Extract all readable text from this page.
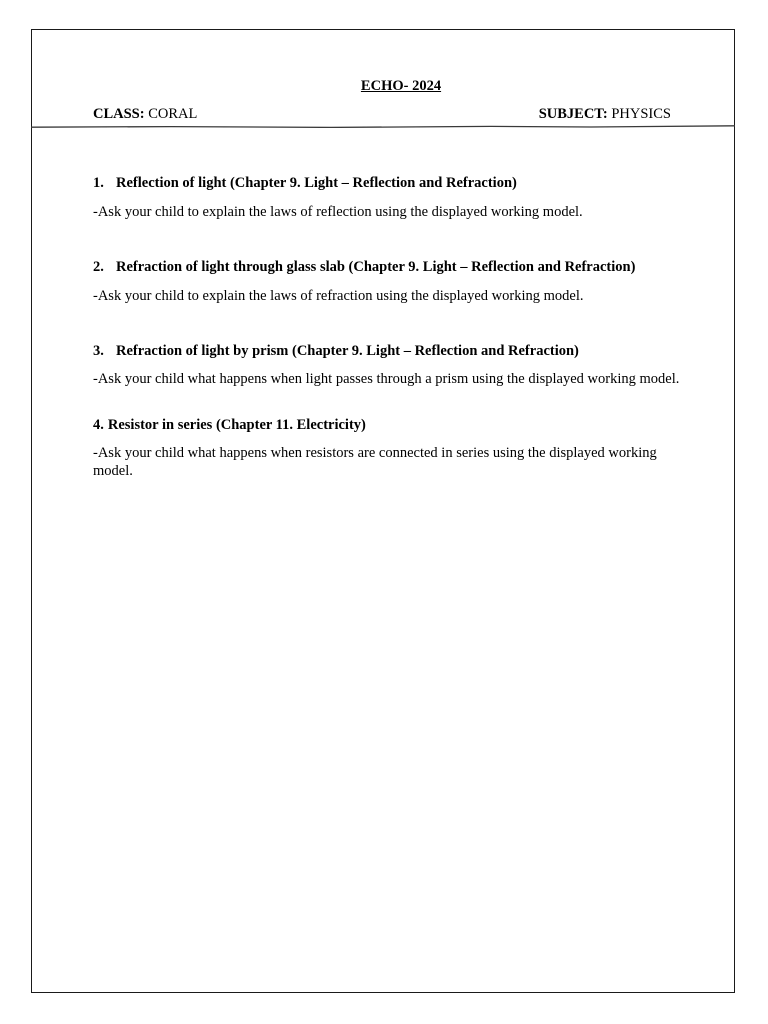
ECHO- 2024

CLASS: CORAL	SUBJECT: PHYSICS

1. Reflection of light (Chapter 9. Light – Reflection and Refraction)

-Ask your child to explain the laws of reflection using the displayed working model.

2. Refraction of light through glass slab (Chapter 9. Light – Reflection and Refraction)

-Ask your child to explain the laws of refraction using the displayed working model.

3. Refraction of light by prism (Chapter 9. Light – Reflection and Refraction)

-Ask your child what happens when light passes through a prism using the displayed working model.

4. Resistor in series (Chapter 11. Electricity)

-Ask your child what happens when resistors are connected in series using the displayed working model.
